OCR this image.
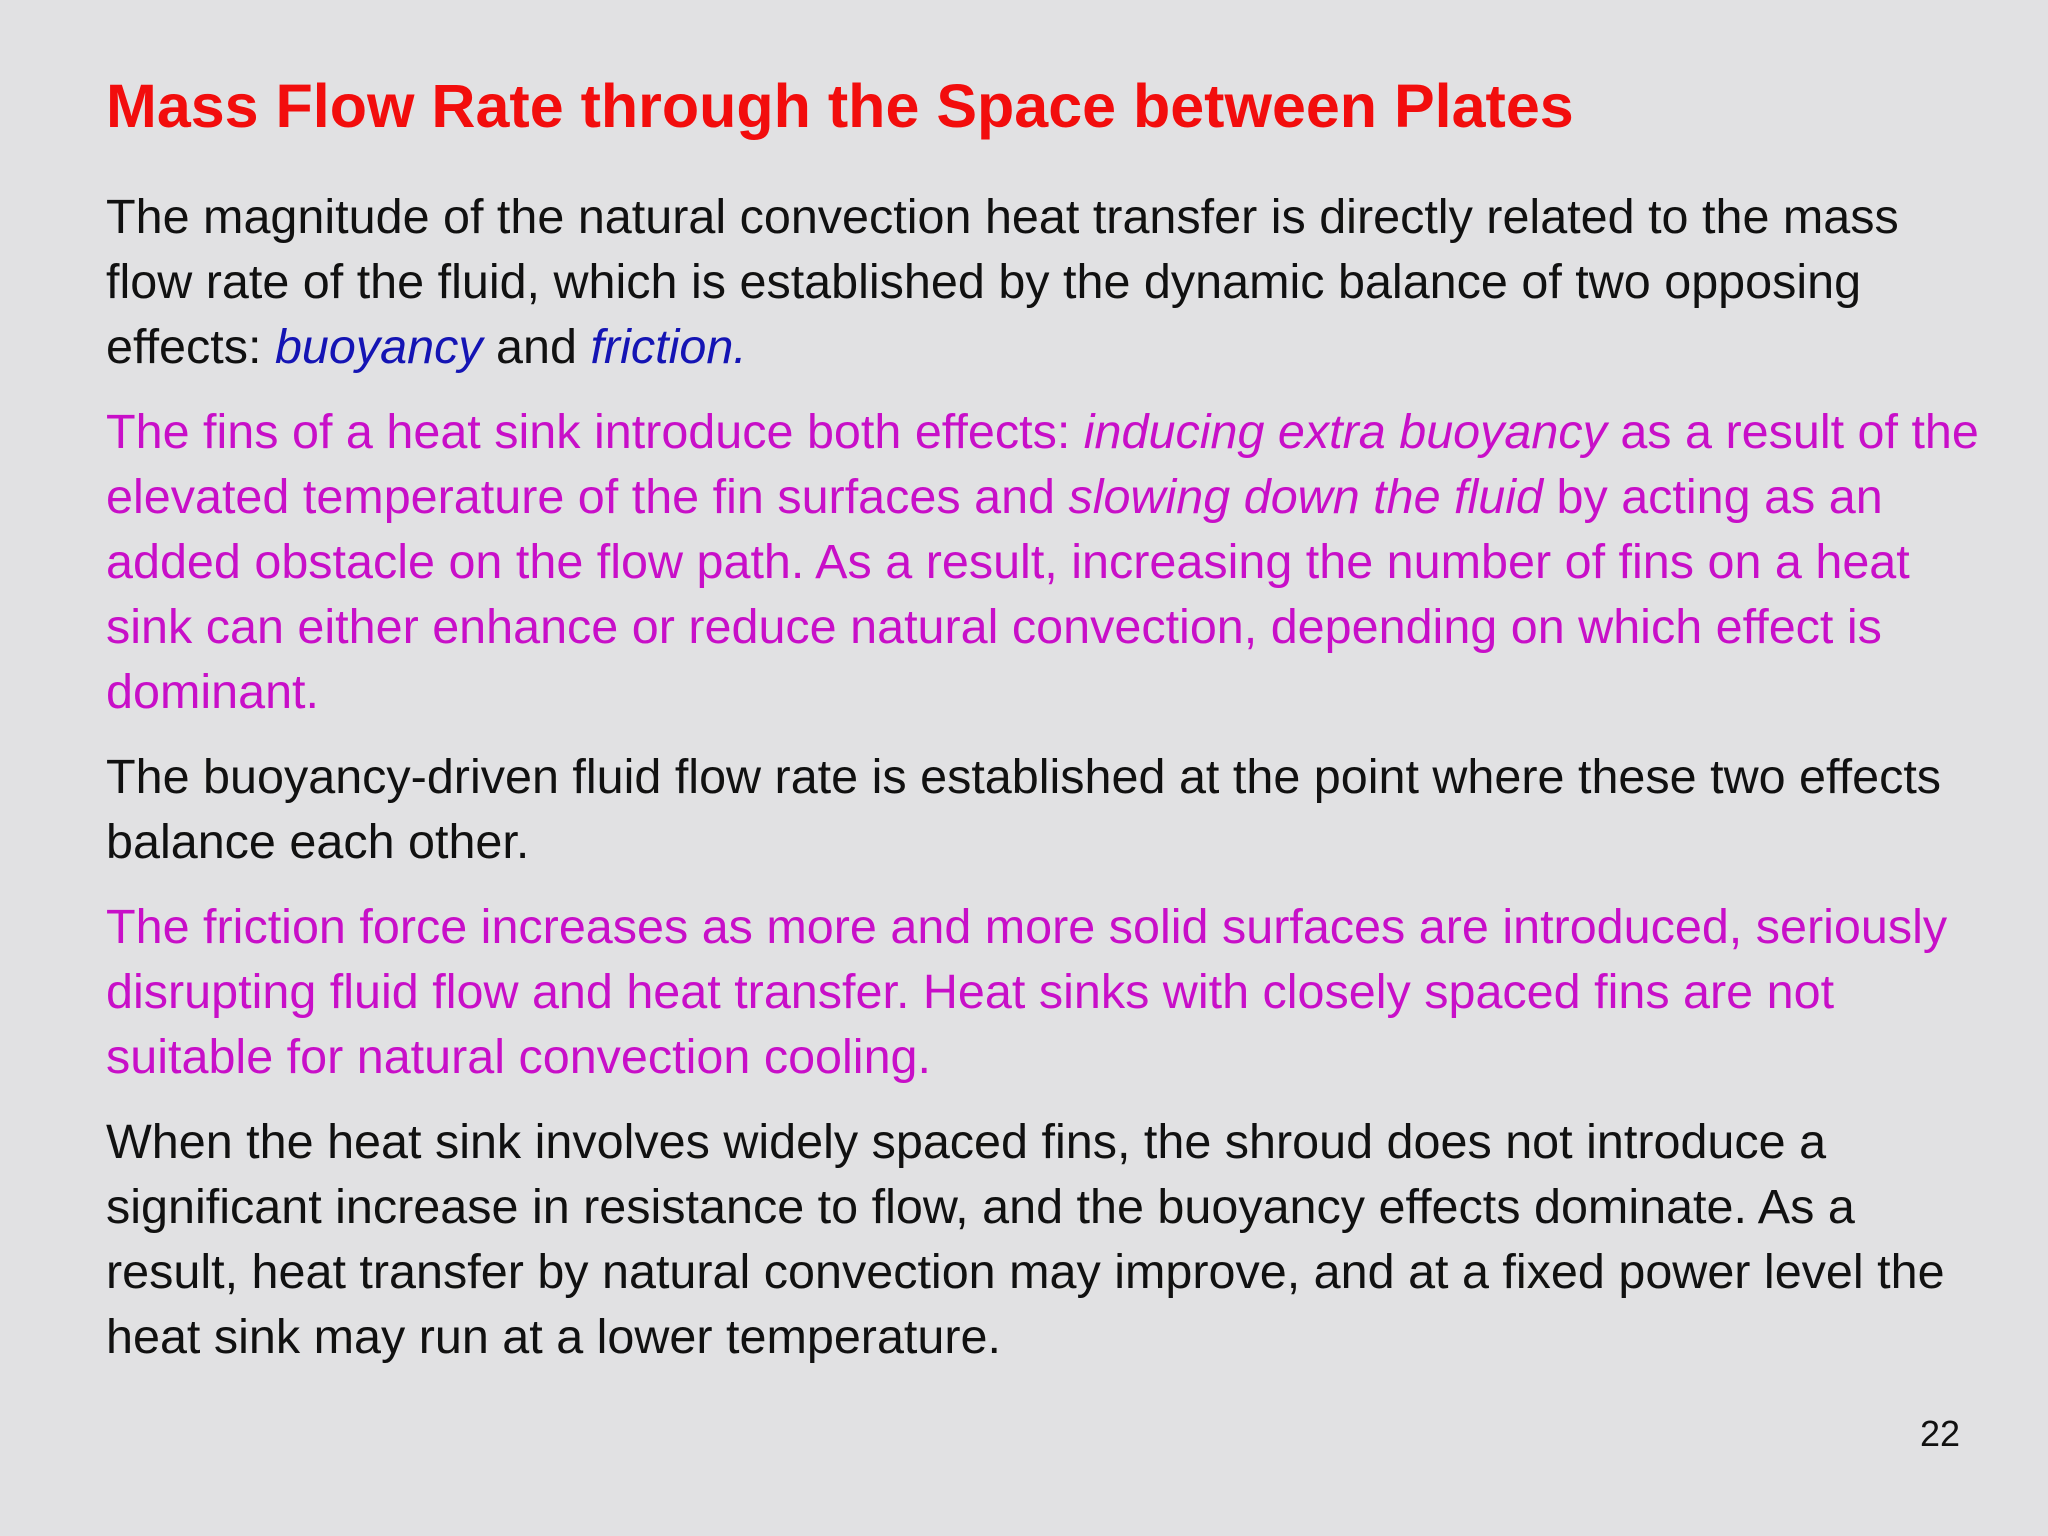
Mass Flow Rate through the Space between Plates

The magnitude of the natural convection heat transfer is directly related to the mass flow rate of the fluid, which is established by the dynamic balance of two opposing effects: buoyancy and friction.

The fins of a heat sink introduce both effects: inducing extra buoyancy as a result of the elevated temperature of the fin surfaces and slowing down the fluid by acting as an added obstacle on the flow path. As a result, increasing the number of fins on a heat sink can either enhance or reduce natural convection, depending on which effect is dominant.

The buoyancy-driven fluid flow rate is established at the point where these two effects balance each other.

The friction force increases as more and more solid surfaces are introduced, seriously disrupting fluid flow and heat transfer. Heat sinks with closely spaced fins are not suitable for natural convection cooling.

When the heat sink involves widely spaced fins, the shroud does not introduce a significant increase in resistance to flow, and the buoyancy effects dominate. As a result, heat transfer by natural convection may improve, and at a fixed power level the heat sink may run at a lower temperature.

22
